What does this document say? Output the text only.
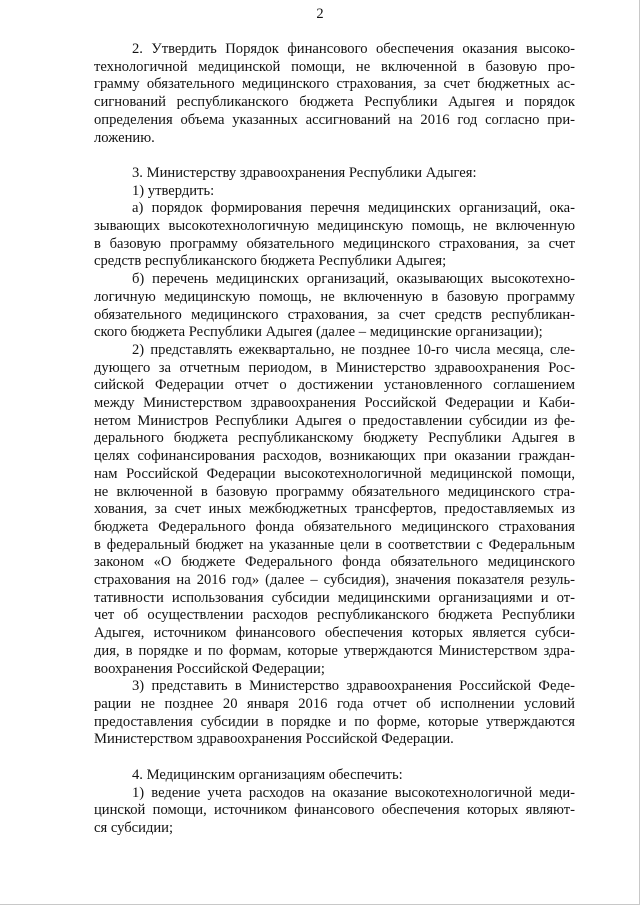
2
2. Утвердить Порядок финансового обеспечения оказания высоко-
технологичной медицинской помощи, не включенной в базовую про-
грамму обязательного медицинского страхования, за счет бюджетных ас-
сигнований республиканского бюджета Республики Адыгея и порядок
определения объема указанных ассигнований на 2016 год согласно при-
ложению.
3. Министерству здравоохранения Республики Адыгея:
1) утвердить:
а) порядок формирования перечня медицинских организаций, ока-
зывающих высокотехнологичную медицинскую помощь, не включенную
в базовую программу обязательного медицинского страхования, за счет
средств республиканского бюджета Республики Адыгея;
б) перечень медицинских организаций, оказывающих высокотехно-
логичную медицинскую помощь, не включенную в базовую программу
обязательного медицинского страхования, за счет средств республикан-
ского бюджета Республики Адыгея (далее – медицинские организации);
2) представлять ежеквартально, не позднее 10-го числа месяца, сле-
дующего за отчетным периодом, в Министерство здравоохранения Рос-
сийской Федерации отчет о достижении установленного соглашением
между Министерством здравоохранения Российской Федерации и Каби-
нетом Министров Республики Адыгея о предоставлении субсидии из фе-
дерального бюджета республиканскому бюджету Республики Адыгея в
целях софинансирования расходов, возникающих при оказании граждан-
нам Российской Федерации высокотехнологичной медицинской помощи,
не включенной в базовую программу обязательного медицинского стра-
хования, за счет иных межбюджетных трансфертов, предоставляемых из
бюджета Федерального фонда обязательного медицинского страхования
в федеральный бюджет на указанные цели в соответствии с Федеральным
законом «О бюджете Федерального фонда обязательного медицинского
страхования на 2016 год» (далее – субсидия), значения показателя резуль-
тативности использования субсидии медицинскими организациями и от-
чет об осуществлении расходов республиканского бюджета Республики
Адыгея, источником финансового обеспечения которых является субси-
дия, в порядке и по формам, которые утверждаются Министерством здра-
воохранения Российской Федерации;
3) представить в Министерство здравоохранения Российской Феде-
рации не позднее 20 января 2016 года отчет об исполнении условий
предоставления субсидии в порядке и по форме, которые утверждаются
Министерством здравоохранения Российской Федерации.
4. Медицинским организациям обеспечить:
1) ведение учета расходов на оказание высокотехнологичной меди-
цинской помощи, источником финансового обеспечения которых являют-
ся субсидии;
